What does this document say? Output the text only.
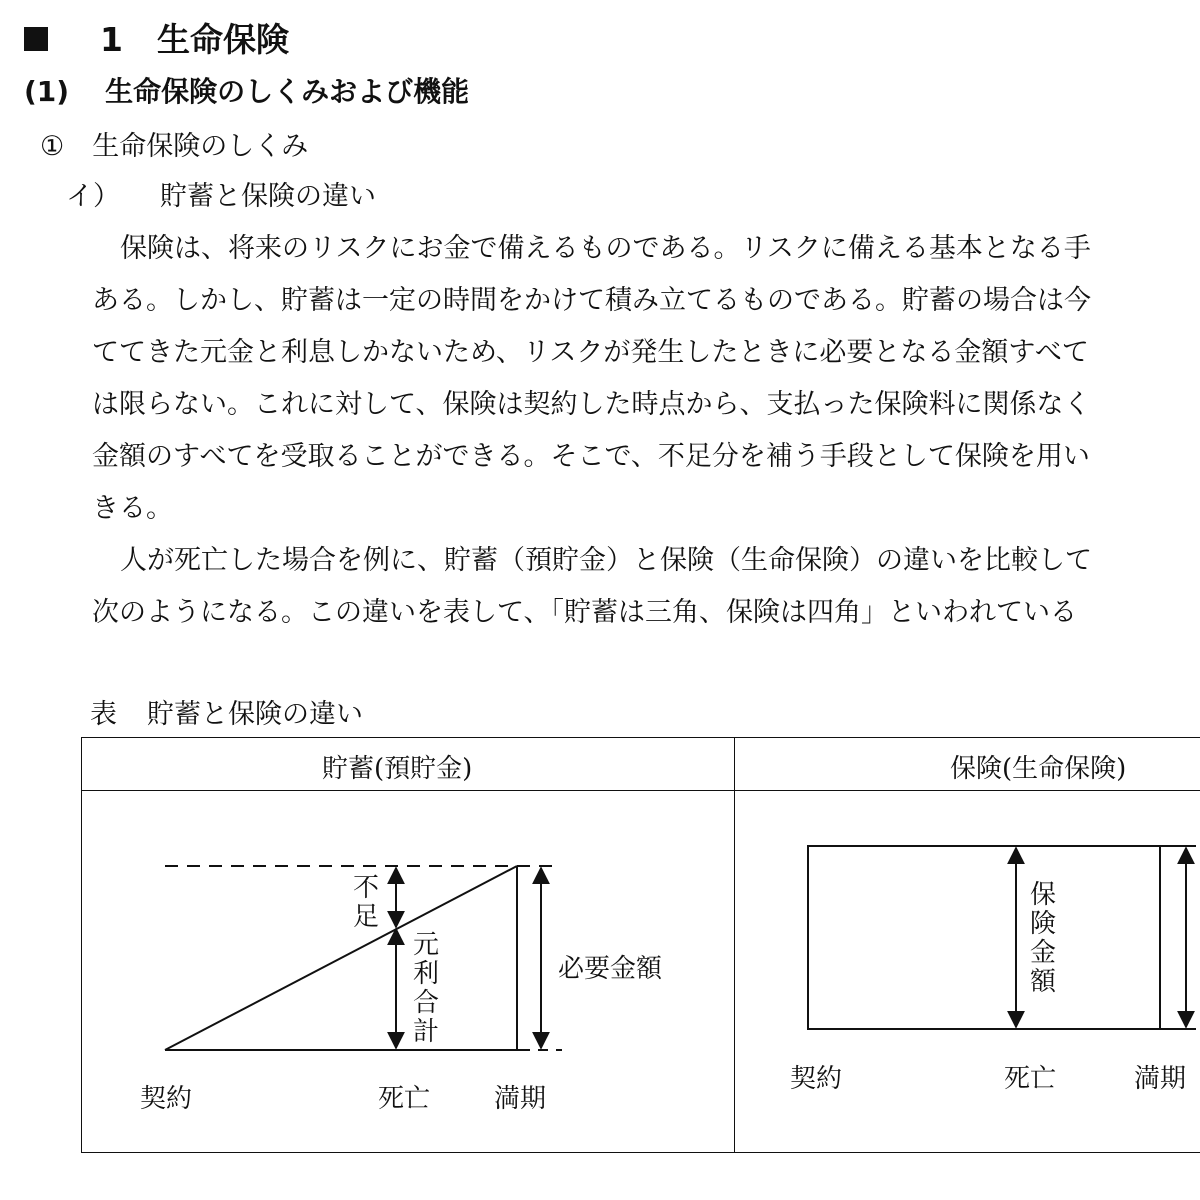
1 生命保険
(1) 生命保険のしくみおよび機能
① 生命保険のしくみ
イ） 貯蓄と保険の違い
保険は、将来のリスクにお金で備えるものである。リスクに備える基本となる手
ある。しかし、貯蓄は一定の時間をかけて積み立てるものである。貯蓄の場合は今
ててきた元金と利息しかないため、リスクが発生したときに必要となる金額すべて
は限らない。これに対して、保険は契約した時点から、支払った保険料に関係なく
金額のすべてを受取ることができる。そこで、不足分を補う手段として保険を用い
きる。
人が死亡した場合を例に、貯蓄（預貯金）と保険（生命保険）の違いを比較して
次のようになる。この違いを表して、「貯蓄は三角、保険は四角」といわれている
表 貯蓄と保険の違い
貯蓄(預貯金)	保険(生命保険)
不足
元利合計
必要金額
契約	死亡 満期
保険金額
契約	死亡	満期
